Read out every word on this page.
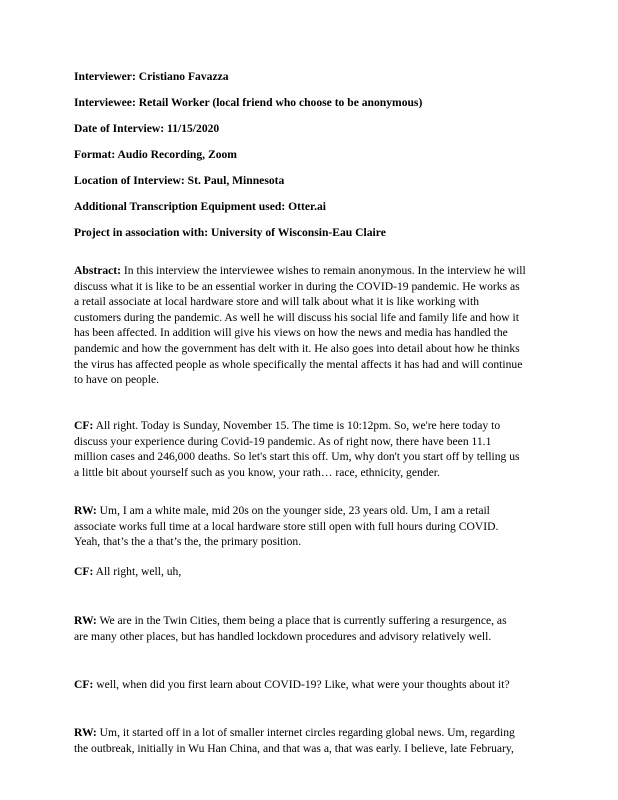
Interviewer: Cristiano Favazza
Interviewee: Retail Worker (local friend who choose to be anonymous)
Date of Interview: 11/15/2020
Format: Audio Recording, Zoom
Location of Interview: St. Paul, Minnesota
Additional Transcription Equipment used: Otter.ai
Project in association with: University of Wisconsin-Eau Claire
Abstract: In this interview the interviewee wishes to remain anonymous. In the interview he will
discuss what it is like to be an essential worker in during the COVID-19 pandemic. He works as
a retail associate at local hardware store and will talk about what it is like working with
customers during the pandemic. As well he will discuss his social life and family life and how it
has been affected. In addition will give his views on how the news and media has handled the
pandemic and how the government has delt with it. He also goes into detail about how he thinks
the virus has affected people as whole specifically the mental affects it has had and will continue
to have on people.
CF: All right. Today is Sunday, November 15. The time is 10:12pm. So, we're here today to
discuss your experience during Covid-19 pandemic. As of right now, there have been 11.1
million cases and 246,000 deaths. So let's start this off. Um, why don't you start off by telling us
a little bit about yourself such as you know, your rath… race, ethnicity, gender.
RW: Um, I am a white male, mid 20s on the younger side, 23 years old. Um, I am a retail
associate works full time at a local hardware store still open with full hours during COVID.
Yeah, that’s the a that’s the, the primary position.
CF: All right, well, uh,
RW: We are in the Twin Cities, them being a place that is currently suffering a resurgence, as
are many other places, but has handled lockdown procedures and advisory relatively well.
CF: well, when did you first learn about COVID-19? Like, what were your thoughts about it?
RW: Um, it started off in a lot of smaller internet circles regarding global news. Um, regarding
the outbreak, initially in Wu Han China, and that was a, that was early. I believe, late February,
